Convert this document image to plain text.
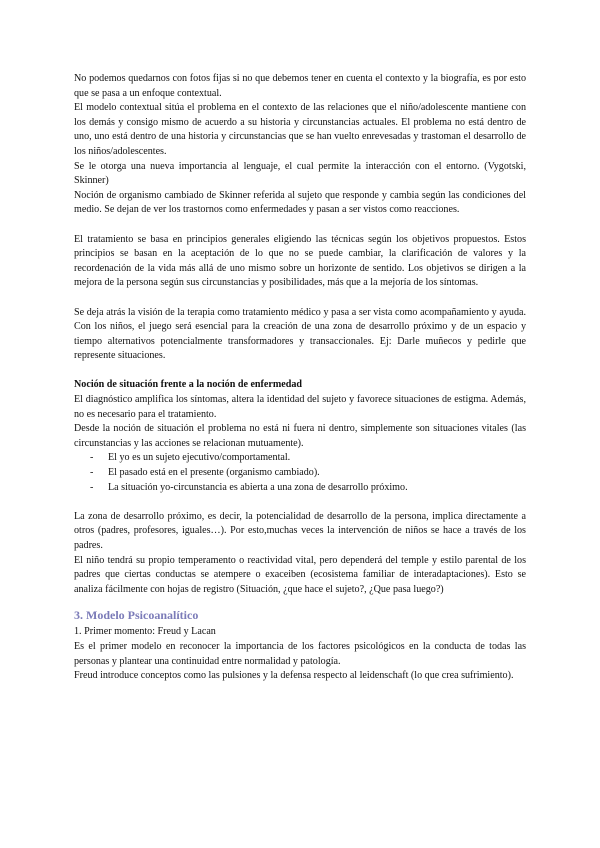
No podemos quedarnos con fotos fijas si no que debemos tener en cuenta el contexto y la biografía, es por esto que se pasa a un enfoque contextual.

El modelo contextual sitúa el problema en el contexto de las relaciones que el niño/adolescente mantiene con los demás y consigo mismo de acuerdo a su historia y circunstancias actuales. El problema no está dentro de uno, uno está dentro de una historia y circunstancias que se han vuelto enrevesadas y trastoman el desarrollo de los niños/adolescentes.

Se le otorga una nueva importancia al lenguaje, el cual permite la interacción con el entorno. (Vygotski, Skinner)

Noción de organismo cambiado de Skinner referida al sujeto que responde y cambia según las condiciones del medio. Se dejan de ver los trastornos como enfermedades y pasan a ser vistos como reacciones.

El tratamiento se basa en principios generales eligiendo las técnicas según los objetivos propuestos. Estos principios se basan en la aceptación de lo que no se puede cambiar, la clarificación de valores y la recordenación de la vida más allá de uno mismo sobre un horizonte de sentido. Los objetivos se dirigen a la mejora de la persona según sus circunstancias y posibilidades, más que a la mejoría de los síntomas.

Se deja atrás la visión de la terapia como tratamiento médico y pasa a ser vista como acompañamiento y ayuda. Con los niños, el juego será esencial para la creación de una zona de desarrollo próximo y de un espacio y tiempo alternativos potencialmente transformadores y transaccionales. Ej: Darle muñecos y pedirle que represente situaciones.

Noción de situación frente a la noción de enfermedad

El diagnóstico amplifica los síntomas, altera la identidad del sujeto y favorece situaciones de estigma. Además, no es necesario para el tratamiento.

Desde la noción de situación el problema no está ni fuera ni dentro, simplemente son situaciones vitales (las circunstancias y las acciones se relacionan mutuamente).

- El yo es un sujeto ejecutivo/comportamental.
- El pasado está en el presente (organismo cambiado).
- La situación yo-circunstancia es abierta a una zona de desarrollo próximo.

La zona de desarrollo próximo, es decir, la potencialidad de desarrollo de la persona, implica directamente a otros (padres, profesores, iguales…). Por esto,muchas veces la intervención de niños se hace a través de los padres.

El niño tendrá su propio temperamento o reactividad vital, pero dependerá del temple y estilo parental de los padres que ciertas conductas se atempere o exaceiben (ecosistema familiar de interadaptaciones). Esto se analiza fácilmente con hojas de registro (Situación, ¿que hace el sujeto?, ¿Que pasa luego?)

3. Modelo Psicoanalítico

1. Primer momento: Freud y Lacan

Es el primer modelo en reconocer la importancia de los factores psicológicos en la conducta de todas las personas y plantear una continuidad entre normalidad y patología.

Freud introduce conceptos como las pulsiones y la defensa respecto al leidenschaft (lo que crea sufrimiento).
